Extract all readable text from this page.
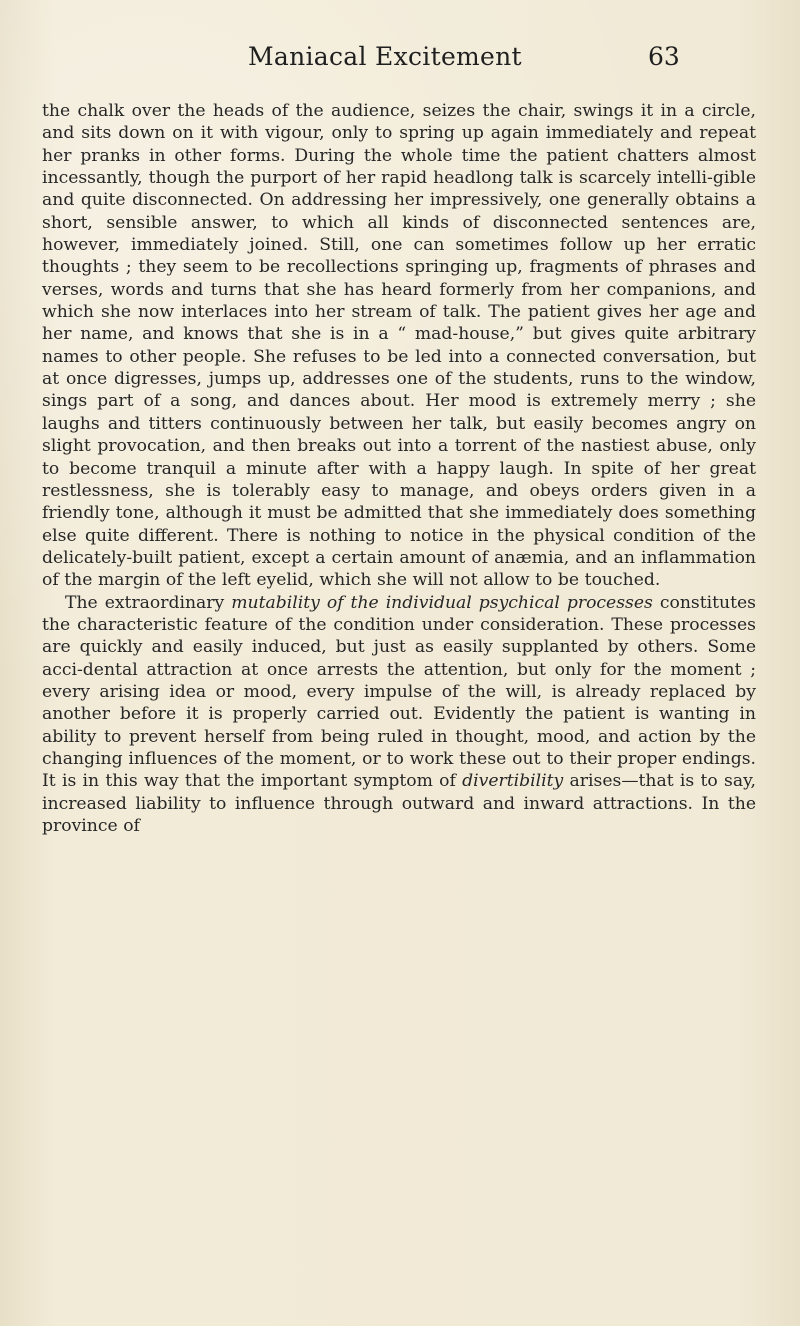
Maniacal Excitement	63

the chalk over the heads of the audience, seizes the chair, swings it in a circle, and sits down on it with vigour, only to spring up again immediately and repeat her pranks in other forms. During the whole time the patient chatters almost incessantly, though the purport of her rapid headlong talk is scarcely intelli-gible and quite disconnected. On addressing her impressively, one generally obtains a short, sensible answer, to which all kinds of disconnected sentences are, however, immediately joined. Still, one can sometimes follow up her erratic thoughts ; they seem to be recollections springing up, fragments of phrases and verses, words and turns that she has heard formerly from her companions, and which she now interlaces into her stream of talk. The patient gives her age and her name, and knows that she is in a “ mad-house,” but gives quite arbitrary names to other people. She refuses to be led into a connected conversation, but at once digresses, jumps up, addresses one of the students, runs to the window, sings part of a song, and dances about. Her mood is extremely merry ; she laughs and titters continuously between her talk, but easily becomes angry on slight provocation, and then breaks out into a torrent of the nastiest abuse, only to become tranquil a minute after with a happy laugh. In spite of her great restlessness, she is tolerably easy to manage, and obeys orders given in a friendly tone, although it must be admitted that she immediately does something else quite different. There is nothing to notice in the physical condition of the delicately-built patient, except a certain amount of anæmia, and an inflammation of the margin of the left eyelid, which she will not allow to be touched.

The extraordinary mutability of the individual psychical processes constitutes the characteristic feature of the condition under consideration. These processes are quickly and easily induced, but just as easily supplanted by others. Some acci-dental attraction at once arrests the attention, but only for the moment ; every arising idea or mood, every impulse of the will, is already replaced by another before it is properly carried out. Evidently the patient is wanting in ability to prevent herself from being ruled in thought, mood, and action by the changing influences of the moment, or to work these out to their proper endings. It is in this way that the important symptom of divertibility arises—that is to say, increased liability to influence through outward and inward attractions. In the province of
